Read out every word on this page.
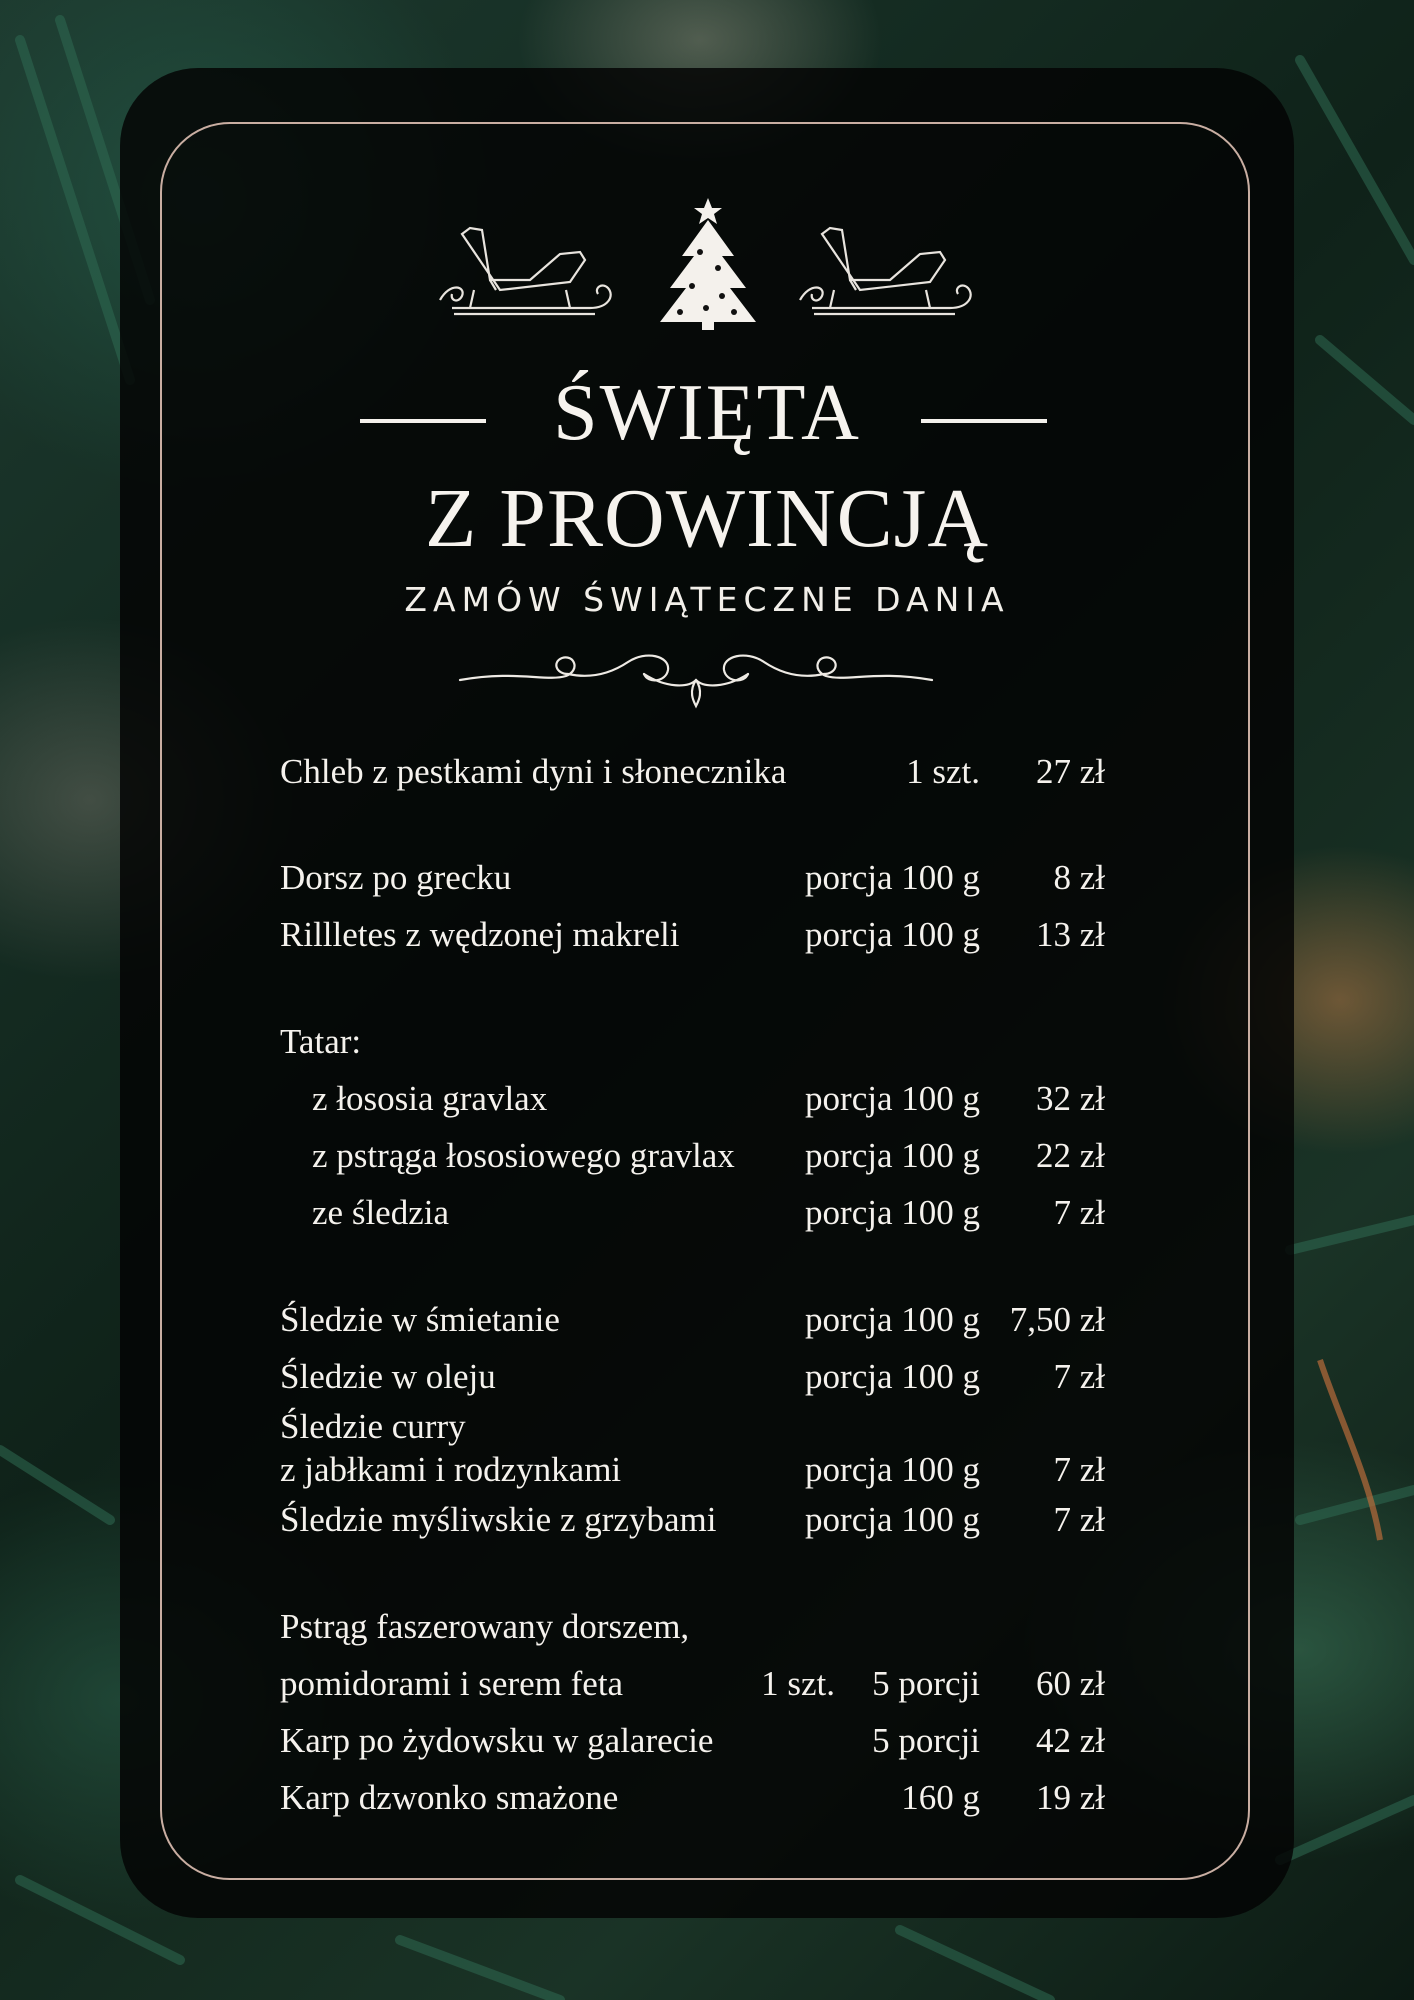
ŚWIĘTA
Z PROWINCJĄ
ZAMÓW ŚWIĄTECZNE DANIA
Chleb z pestkami dyni i słonecznika	1 szt. 27 zł
Dorsz po grecku	porcja 100 g 8 zł
Rillletes z wędzonej makreli	porcja 100 g 13 zł
Tatar:
z łososia gravlax	porcja 100 g 32 zł
z pstrąga łososiowego gravlax porcja 100 g 22 zł
ze śledzia	porcja 100 g 7 zł
Śledzie w śmietanie	porcja 100 g 7,50 zł
Śledzie w oleju	porcja 100 g 7 zł
Śledzie curry
z jabłkami i rodzynkami	porcja 100 g 7 zł
Śledzie myśliwskie z grzybami	porcja 100 g 7 zł
Pstrąg faszerowany dorszem,
pomidorami i serem feta	1 szt. 5 porcji 60 zł
Karp po żydowsku w galarecie	5 porcji 42 zł
Karp dzwonko smażone	160 g 19 zł
